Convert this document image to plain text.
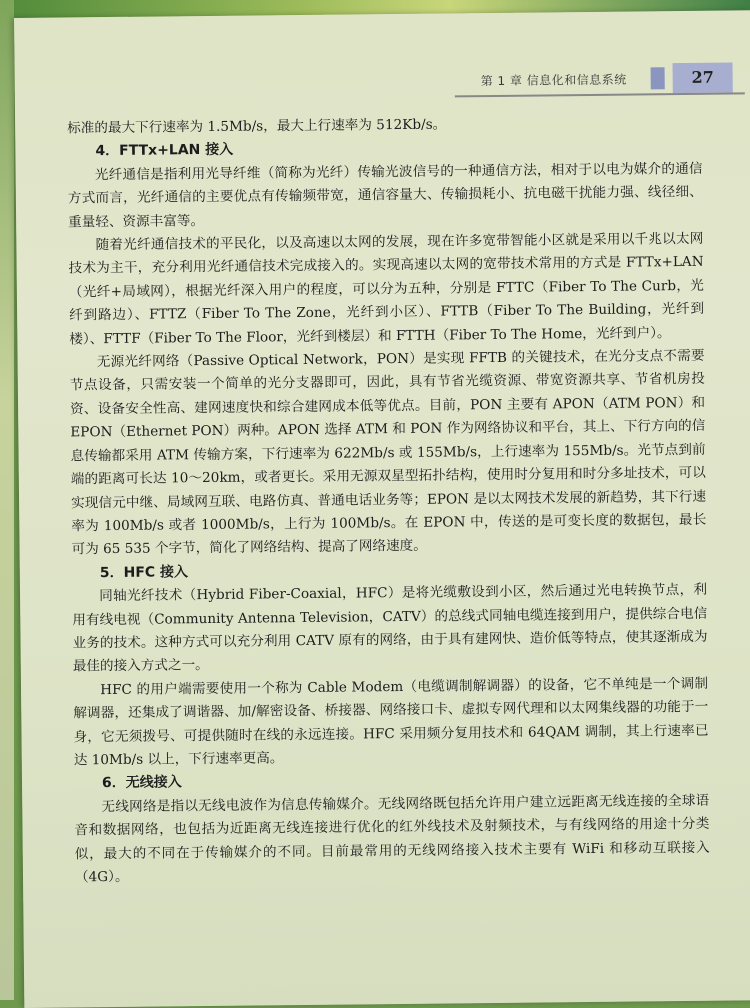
第 1 章 信息化和信息系统	27

标准的最大下行速率为 1.5Mb/s，最大上行速率为 512Kb/s。

4．FTTx+LAN 接入

光纤通信是指利用光导纤维（简称为光纤）传输光波信号的一种通信方法，相对于以电为媒介的通信方式而言，光纤通信的主要优点有传输频带宽，通信容量大、传输损耗小、抗电磁干扰能力强、线径细、重量轻、资源丰富等。

随着光纤通信技术的平民化，以及高速以太网的发展，现在许多宽带智能小区就是采用以千兆以太网技术为主干，充分利用光纤通信技术完成接入的。实现高速以太网的宽带技术常用的方式是 FTTx+LAN（光纤+局域网），根据光纤深入用户的程度，可以分为五种，分别是 FTTC（Fiber To The Curb，光纤到路边）、FTTZ（Fiber To The Zone，光纤到小区）、FTTB（Fiber To The Building，光纤到楼）、FTTF（Fiber To The Floor，光纤到楼层）和 FTTH（Fiber To The Home，光纤到户）。

无源光纤网络（Passive Optical Network，PON）是实现 FFTB 的关键技术，在光分支点不需要节点设备，只需安装一个简单的光分支器即可，因此，具有节省光缆资源、带宽资源共享、节省机房投资、设备安全性高、建网速度快和综合建网成本低等优点。目前，PON 主要有 APON（ATM PON）和 EPON（Ethernet PON）两种。APON 选择 ATM 和 PON 作为网络协议和平台，其上、下行方向的信息传输都采用 ATM 传输方案，下行速率为 622Mb/s 或 155Mb/s，上行速率为 155Mb/s。光节点到前端的距离可长达 10～20km，或者更长。采用无源双星型拓扑结构，使用时分复用和时分多址技术，可以实现信元中继、局域网互联、电路仿真、普通电话业务等；EPON 是以太网技术发展的新趋势，其下行速率为 100Mb/s 或者 1000Mb/s，上行为 100Mb/s。在 EPON 中，传送的是可变长度的数据包，最长可为 65 535 个字节，简化了网络结构、提高了网络速度。

5．HFC 接入

同轴光纤技术（Hybrid Fiber-Coaxial，HFC）是将光缆敷设到小区，然后通过光电转换节点，利用有线电视（Community Antenna Television，CATV）的总线式同轴电缆连接到用户，提供综合电信业务的技术。这种方式可以充分利用 CATV 原有的网络，由于具有建网快、造价低等特点，使其逐渐成为最佳的接入方式之一。

HFC 的用户端需要使用一个称为 Cable Modem（电缆调制解调器）的设备，它不单纯是一个调制解调器，还集成了调谐器、加/解密设备、桥接器、网络接口卡、虚拟专网代理和以太网集线器的功能于一身，它无须拨号、可提供随时在线的永远连接。HFC 采用频分复用技术和 64QAM 调制，其上行速率已达 10Mb/s 以上，下行速率更高。

6．无线接入

无线网络是指以无线电波作为信息传输媒介。无线网络既包括允许用户建立远距离无线连接的全球语音和数据网络，也包括为近距离无线连接进行优化的红外线技术及射频技术，与有线网络的用途十分类似，最大的不同在于传输媒介的不同。目前最常用的无线网络接入技术主要有 WiFi 和移动互联接入（4G）。
